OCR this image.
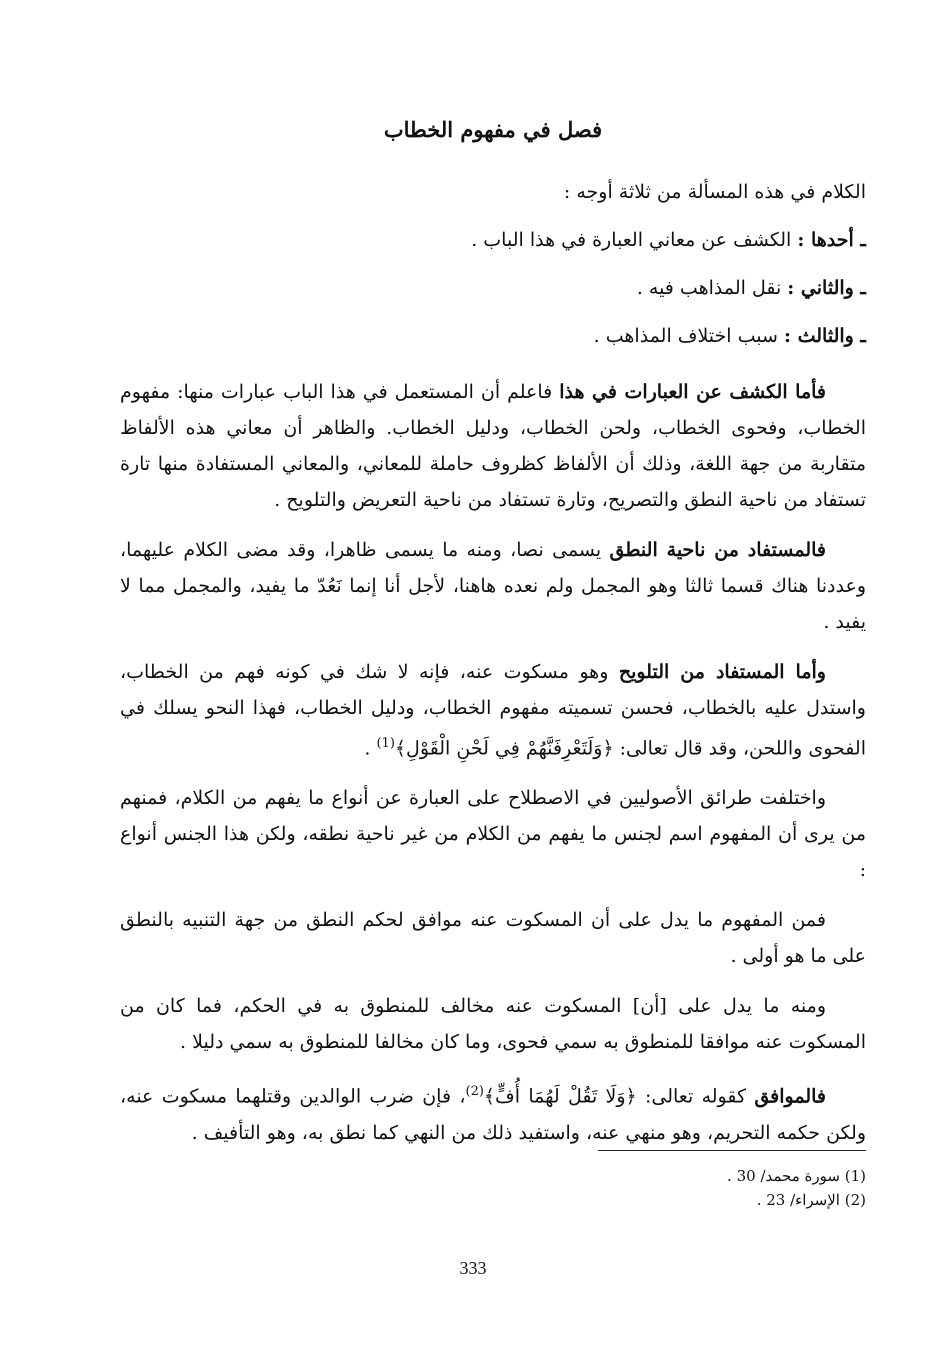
فصل في مفهوم الخطاب

الكلام في هذه المسألة من ثلاثة أوجه :

ـ أحدها : الكشف عن معاني العبارة في هذا الباب .

ـ والثاني : نقل المذاهب فيه .

ـ والثالث : سبب اختلاف المذاهب .

فأما الكشف عن العبارات في هذا فاعلم أن المستعمل في هذا الباب عبارات منها: مفهوم الخطاب، وفحوى الخطاب، ولحن الخطاب، ودليل الخطاب. والظاهر أن معاني هذه الألفاظ متقاربة من جهة اللغة، وذلك أن الألفاظ كظروف حاملة للمعاني، والمعاني المستفادة منها تارة تستفاد من ناحية النطق والتصريح، وتارة تستفاد من ناحية التعريض والتلويح .

فالمستفاد من ناحية النطق يسمى نصا، ومنه ما يسمى ظاهرا، وقد مضى الكلام عليهما، وعددنا هناك قسما ثالثا وهو المجمل ولم نعده هاهنا، لأجل أنا إنما نَعُدّ ما يفيد، والمجمل مما لا يفيد .

وأما المستفاد من التلويح وهو مسكوت عنه، فإنه لا شك في كونه فهم من الخطاب، واستدل عليه بالخطاب، فحسن تسميته مفهوم الخطاب، ودليل الخطاب، فهذا النحو يسلك في الفحوى واللحن، وقد قال تعالى: ﴿وَلَتَعْرِفَنَّهُمْ فِي لَحْنِ الْقَوْلِ﴾$^{(1)}$ .

واختلفت طرائق الأصوليين في الاصطلاح على العبارة عن أنواع ما يفهم من الكلام، فمنهم من يرى أن المفهوم اسم لجنس ما يفهم من الكلام من غير ناحية نطقه، ولكن هذا الجنس أنواع :

فمن المفهوم ما يدل على أن المسكوت عنه موافق لحكم النطق من جهة التنبيه بالنطق على ما هو أولى .

ومنه ما يدل على [أن] المسكوت عنه مخالف للمنطوق به في الحكم، فما كان من المسكوت عنه موافقا للمنطوق به سمي فحوى، وما كان مخالفا للمنطوق به سمي دليلا .

فالموافق كقوله تعالى: ﴿وَلَا تَقُلْ لَهُمَا أُفٍّ﴾$^{(2)}$، فإن ضرب الوالدين وقتلهما مسكوت عنه، ولكن حكمه التحريم، وهو منهي عنه، واستفيد ذلك من النهي كما نطق به، وهو التأفيف .

(1) سورة محمد/ 30 .

(2) الإسراء/ 23 .

333
